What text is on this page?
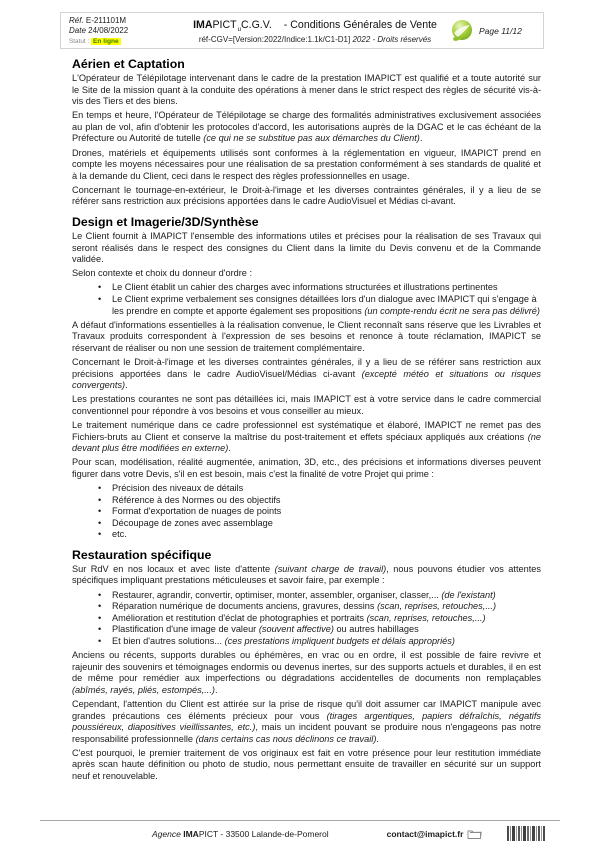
Réf. E-211101M
Date 24/08/2022
Statut : En ligne
$IMAPICT_uC.G.V$. - Conditions Générales de Vente
réf-CGV=[Version:2022/Indice:1.1k/C1-D1] 2022 - Droits réservés
Page 11/12
Aérien et Captation
L'Opérateur de Télépilotage intervenant dans le cadre de la prestation IMAPICT est qualifié et a toute autorité sur le Site de la mission quant à la conduite des opérations à mener dans le strict respect des règles de sécurité vis-à-vis des Tiers et des biens.
En temps et heure, l'Opérateur de Télépilotage se charge des formalités administratives exclusivement associées au plan de vol, afin d'obtenir les protocoles d'accord, les autorisations auprès de la DGAC et le cas échéant de la Préfecture ou Autorité de tutelle (ce qui ne se substitue pas aux démarches du Client).
Drones, matériels et équipements utilisés sont conformes à la réglementation en vigueur, IMAPICT prend en compte les moyens nécessaires pour une réalisation de sa prestation conformément à ses standards de qualité et à la demande du Client, ceci dans le respect des règles professionnelles en usage.
Concernant le tournage-en-extérieur, le Droit-à-l'image et les diverses contraintes générales, il y a lieu de se référer sans restriction aux précisions apportées dans le cadre AudioVisuel et Médias ci-avant.
Design et Imagerie/3D/Synthèse
Le Client fournit à IMAPICT l'ensemble des informations utiles et précises pour la réalisation de ses Travaux qui seront réalisés dans le respect des consignes du Client dans la limite du Devis convenu et de la Commande validée.
Selon contexte et choix du donneur d'ordre :
•	Le Client établit un cahier des charges avec informations structurées et illustrations pertinentes
•	Le Client exprime verbalement ses consignes détaillées lors d'un dialogue avec IMAPICT qui s'engage à les prendre en compte et apporte également ses propositions (un compte-rendu écrit ne sera pas délivré)
A défaut d'informations essentielles à la réalisation convenue, le Client reconnaît sans réserve que les Livrables et Travaux produits correspondent à l'expression de ses besoins et renonce à toute réclamation, IMAPICT se réservant de réaliser ou non une session de traitement complémentaire.
Concernant le Droit-à-l'image et les diverses contraintes générales, il y a lieu de se référer sans restriction aux précisions apportées dans le cadre AudioVisuel/Médias ci-avant (excepté météo et situations ou risques convergents).
Les prestations courantes ne sont pas détaillées ici, mais IMAPICT est à votre service dans le cadre commercial conventionnel pour répondre à vos besoins et vous conseiller au mieux.
Le traitement numérique dans ce cadre professionnel est systématique et élaboré, IMAPICT ne remet pas des Fichiers-bruts au Client et conserve la maîtrise du post-traitement et effets spéciaux appliqués aux créations (ne devant plus être modifiées en externe).
Pour scan, modélisation, réalité augmentée, animation, 3D, etc., des précisions et informations diverses peuvent figurer dans votre Devis, s'il en est besoin, mais c'est la finalité de votre Projet qui prime :
•	Précision des niveaux de détails
•	Référence à des Normes ou des objectifs
•	Format d'exportation de nuages de points
•	Découpage de zones avec assemblage
•	etc.
Restauration spécifique
Sur RdV en nos locaux et avec liste d'attente (suivant charge de travail), nous pouvons étudier vos attentes spécifiques impliquant prestations méticuleuses et savoir faire, par exemple :
•	Restaurer, agrandir, convertir, optimiser, monter, assembler, organiser, classer,... (de l'existant)
•	Réparation numérique de documents anciens, gravures, dessins (scan, reprises, retouches,...)
•	Amélioration et restitution d'éclat de photographies et portraits (scan, reprises, retouches,...)
•	Plastification d'une image de valeur (souvent affective) ou autres habillages
•	Et bien d'autres solutions... (ces prestations impliquent budgets et délais appropriés)
Anciens ou récents, supports durables ou éphémères, en vrac ou en ordre, il est possible de faire revivre et rajeunir des souvenirs et témoignages endormis ou devenus inertes, sur des supports actuels et durables, il en est de même pour remédier aux imperfections ou dégradations accidentelles de documents non remplaçables (abîmés, rayés, pliés, estompés,...).
Cependant, l'attention du Client est attirée sur la prise de risque qu'il doit assumer car IMAPICT manipule avec grandes précautions ces éléments précieux pour vous (tirages argentiques, papiers défraîchis, négatifs poussiéreux, diapositives vieillissantes, etc.), mais un incident pouvant se produire nous n'engageons pas notre responsabilité professionnelle (dans certains cas nous déclinons ce travail).
C'est pourquoi, le premier traitement de vos originaux est fait en votre présence pour leur restitution immédiate après scan haute définition ou photo de studio, nous permettant ensuite de travailler en sécurité sur un support neuf et renouvelable.
Agence IMAPICT - 33500 Lalande-de-Pomerol	contact@imapict.fr
